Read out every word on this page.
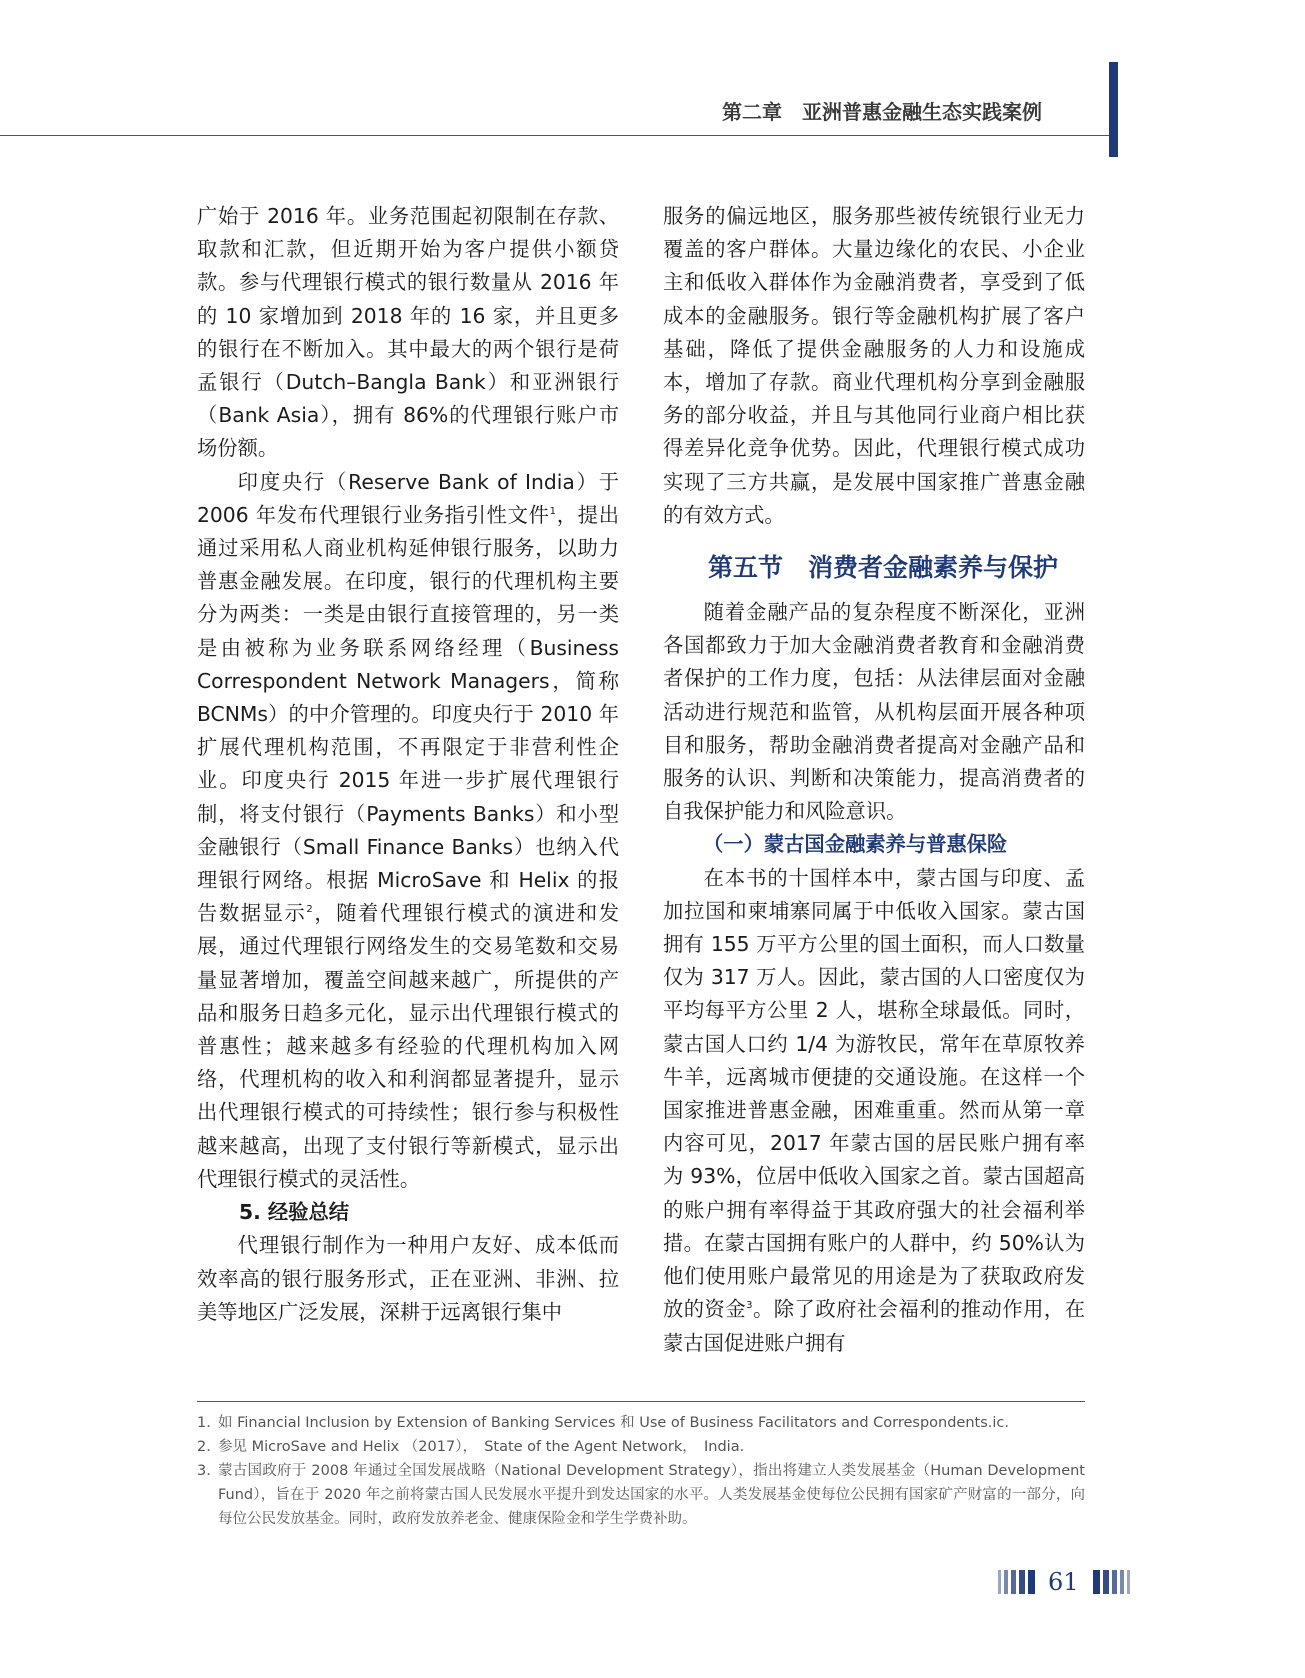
第二章　亚洲普惠金融生态实践案例

广始于 2016 年。业务范围起初限制在存款、取款和汇款，但近期开始为客户提供小额贷款。参与代理银行模式的银行数量从 2016 年的 10 家增加到 2018 年的 16 家，并且更多的银行在不断加入。其中最大的两个银行是荷孟银行（Dutch–Bangla Bank）和亚洲银行（Bank Asia），拥有 86%的代理银行账户市场份额。

印度央行（Reserve Bank of India）于 2006 年发布代理银行业务指引性文件$^1$，提出通过采用私人商业机构延伸银行服务，以助力普惠金融发展。在印度，银行的代理机构主要分为两类：一类是由银行直接管理的，另一类是由被称为业务联系网络经理（Business Correspondent Network Managers，简称 BCNMs）的中介管理的。印度央行于 2010 年扩展代理机构范围，不再限定于非营利性企业。印度央行 2015 年进一步扩展代理银行制，将支付银行（Payments Banks）和小型金融银行（Small Finance Banks）也纳入代理银行网络。根据 MicroSave 和 Helix 的报告数据显示$^2$，随着代理银行模式的演进和发展，通过代理银行网络发生的交易笔数和交易量显著增加，覆盖空间越来越广，所提供的产品和服务日趋多元化，显示出代理银行模式的普惠性；越来越多有经验的代理机构加入网络，代理机构的收入和利润都显著提升，显示出代理银行模式的可持续性；银行参与积极性越来越高，出现了支付银行等新模式，显示出代理银行模式的灵活性。

5. 经验总结

代理银行制作为一种用户友好、成本低而效率高的银行服务形式，正在亚洲、非洲、拉美等地区广泛发展，深耕于远离银行集中

服务的偏远地区，服务那些被传统银行业无力覆盖的客户群体。大量边缘化的农民、小企业主和低收入群体作为金融消费者，享受到了低成本的金融服务。银行等金融机构扩展了客户基础，降低了提供金融服务的人力和设施成本，增加了存款。商业代理机构分享到金融服务的部分收益，并且与其他同行业商户相比获得差异化竞争优势。因此，代理银行模式成功实现了三方共赢，是发展中国家推广普惠金融的有效方式。

第五节　消费者金融素养与保护

随着金融产品的复杂程度不断深化，亚洲各国都致力于加大金融消费者教育和金融消费者保护的工作力度，包括：从法律层面对金融活动进行规范和监管，从机构层面开展各种项目和服务，帮助金融消费者提高对金融产品和服务的认识、判断和决策能力，提高消费者的自我保护能力和风险意识。

（一）蒙古国金融素养与普惠保险

在本书的十国样本中，蒙古国与印度、孟加拉国和柬埔寨同属于中低收入国家。蒙古国拥有 155 万平方公里的国土面积，而人口数量仅为 317 万人。因此，蒙古国的人口密度仅为平均每平方公里 2 人，堪称全球最低。同时，蒙古国人口约 1/4 为游牧民，常年在草原牧养牛羊，远离城市便捷的交通设施。在这样一个国家推进普惠金融，困难重重。然而从第一章内容可见，2017 年蒙古国的居民账户拥有率为 93%，位居中低收入国家之首。蒙古国超高的账户拥有率得益于其政府强大的社会福利举措。在蒙古国拥有账户的人群中，约 50%认为他们使用账户最常见的用途是为了获取政府发放的资金$^3$。除了政府社会福利的推动作用，在蒙古国促进账户拥有

1. 如 Financial Inclusion by Extension of Banking Services 和 Use of Business Facilitators and Correspondents.ic.
2. 参见 MicroSave and Helix （2017），　State of the Agent Network，　India.
3. 蒙古国政府于 2008 年通过全国发展战略（National Development Strategy），指出将建立人类发展基金（Human Development Fund），旨在于 2020 年之前将蒙古国人民发展水平提升到发达国家的水平。人类发展基金使每位公民拥有国家矿产财富的一部分，向每位公民发放基金。同时，政府发放养老金、健康保险金和学生学费补助。
61
